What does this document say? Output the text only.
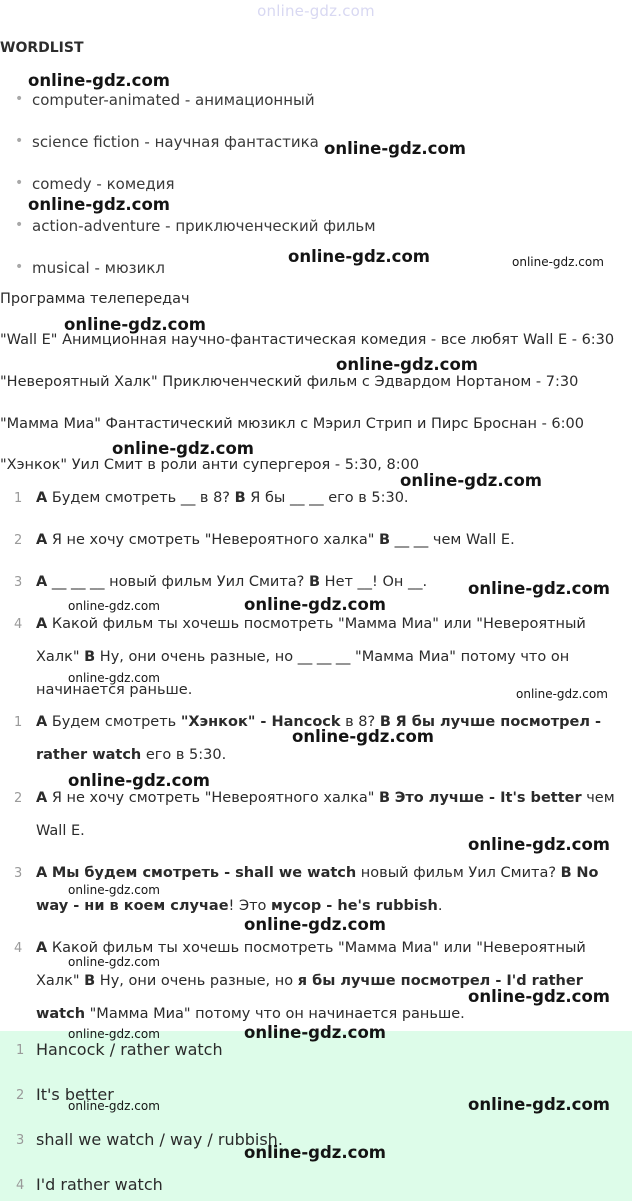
online-gdz.com
WORDLIST
• computer-animated - анимационный
• science fiction - научная фантастика
• comedy - комедия
• action-adventure - приключенческий фильм
• musical - мюзикл
Программа телепередач
"Wall E" Анимционная научно-фантастическая комедия - все любят Wall E - 6:30
"Невероятный Халк" Приключенческий фильм с Эдвардом Нортаном - 7:30
"Мамма Миа" Фантастический мюзикл с Мэрил Стрип и Пирс Броснан - 6:00
"Хэнкок" Уил Смит в роли анти супергероя - 5:30, 8:00
1 A Будем смотреть __ в 8? B Я бы __ __ его в 5:30.
2 A Я не хочу смотреть "Невероятного халка" B __ __ чем Wall E.
3 A __ __ __ новый фильм Уил Смита? B Нет __! Он __.
4 A Какой фильм ты хочешь посмотреть "Мамма Миа" или "Невероятный Халк" B Ну, они очень разные, но __ __ __ "Мамма Миа" потому что он начинается раньше.
1 A Будем смотреть "Хэнкок" - Hancock в 8? B Я бы лучше посмотрел - rather watch его в 5:30.
2 A Я не хочу смотреть "Невероятного халка" B Это лучше - It's better чем Wall E.
3 A Мы будем смотреть - shall we watch новый фильм Уил Смита? B No way - ни в коем случае! Это мусор - he's rubbish.
4 A Какой фильм ты хочешь посмотреть "Мамма Миа" или "Невероятный Халк" B Ну, они очень разные, но я бы лучше посмотрел - I'd rather watch "Мамма Миа" потому что он начинается раньше.
1 Hancock / rather watch
2 It's better
3 shall we watch / way / rubbish.
4 I'd rather watch
online-gdz.com
online-gdz.com
online-gdz.com
online-gdz.com	online-gdz.com
online-gdz.com
online-gdz.com
online-gdz.com
online-gdz.com
online-gdz.com
online-gdz.com	online-gdz.com
online-gdz.com
online-gdz.com
online-gdz.com
online-gdz.com
online-gdz.com
online-gdz.com
online-gdz.com
online-gdz.com
online-gdz.com
online-gdz.com	online-gdz.com
online-gdz.com	online-gdz.com
online-gdz.com
